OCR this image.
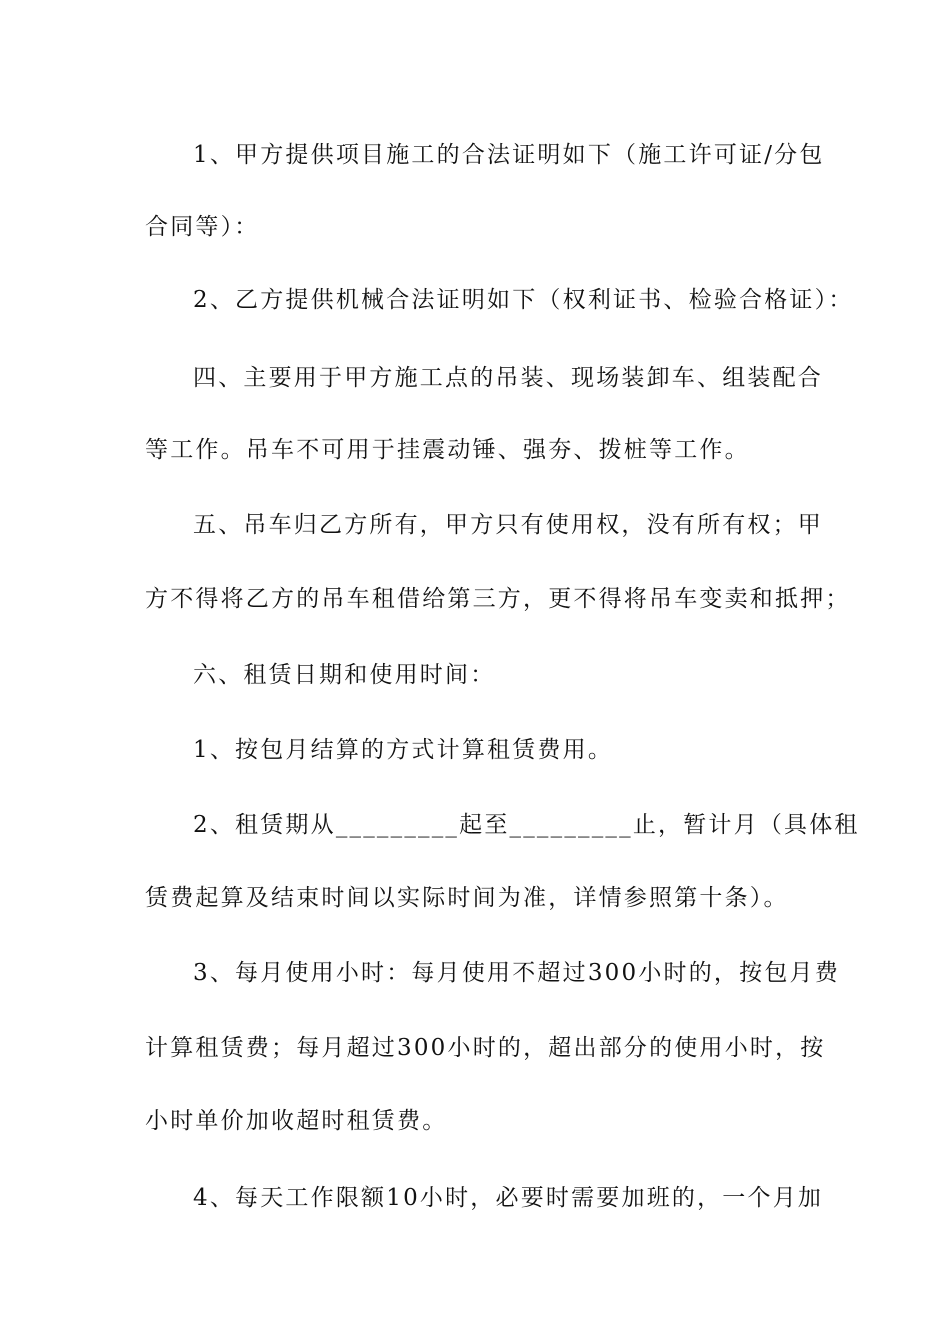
1、甲方提供项目施工的合法证明如下（施工许可证/分包
合同等）：
2、乙方提供机械合法证明如下（权利证书、检验合格证）：
四、主要用于甲方施工点的吊装、现场装卸车、组装配合
等工作。吊车不可用于挂震动锤、强夯、拨桩等工作。
五、吊车归乙方所有，甲方只有使用权，没有所有权；甲
方不得将乙方的吊车租借给第三方，更不得将吊车变卖和抵押；
六、租赁日期和使用时间：
1、按包月结算的方式计算租赁费用。
2、租赁期从_________起至_________止，暂计月（具体租
赁费起算及结束时间以实际时间为准，详情参照第十条）。
3、每月使用小时：每月使用不超过300小时的，按包月费
计算租赁费；每月超过300小时的，超出部分的使用小时，按
小时单价加收超时租赁费。
4、每天工作限额10小时，必要时需要加班的，一个月加
